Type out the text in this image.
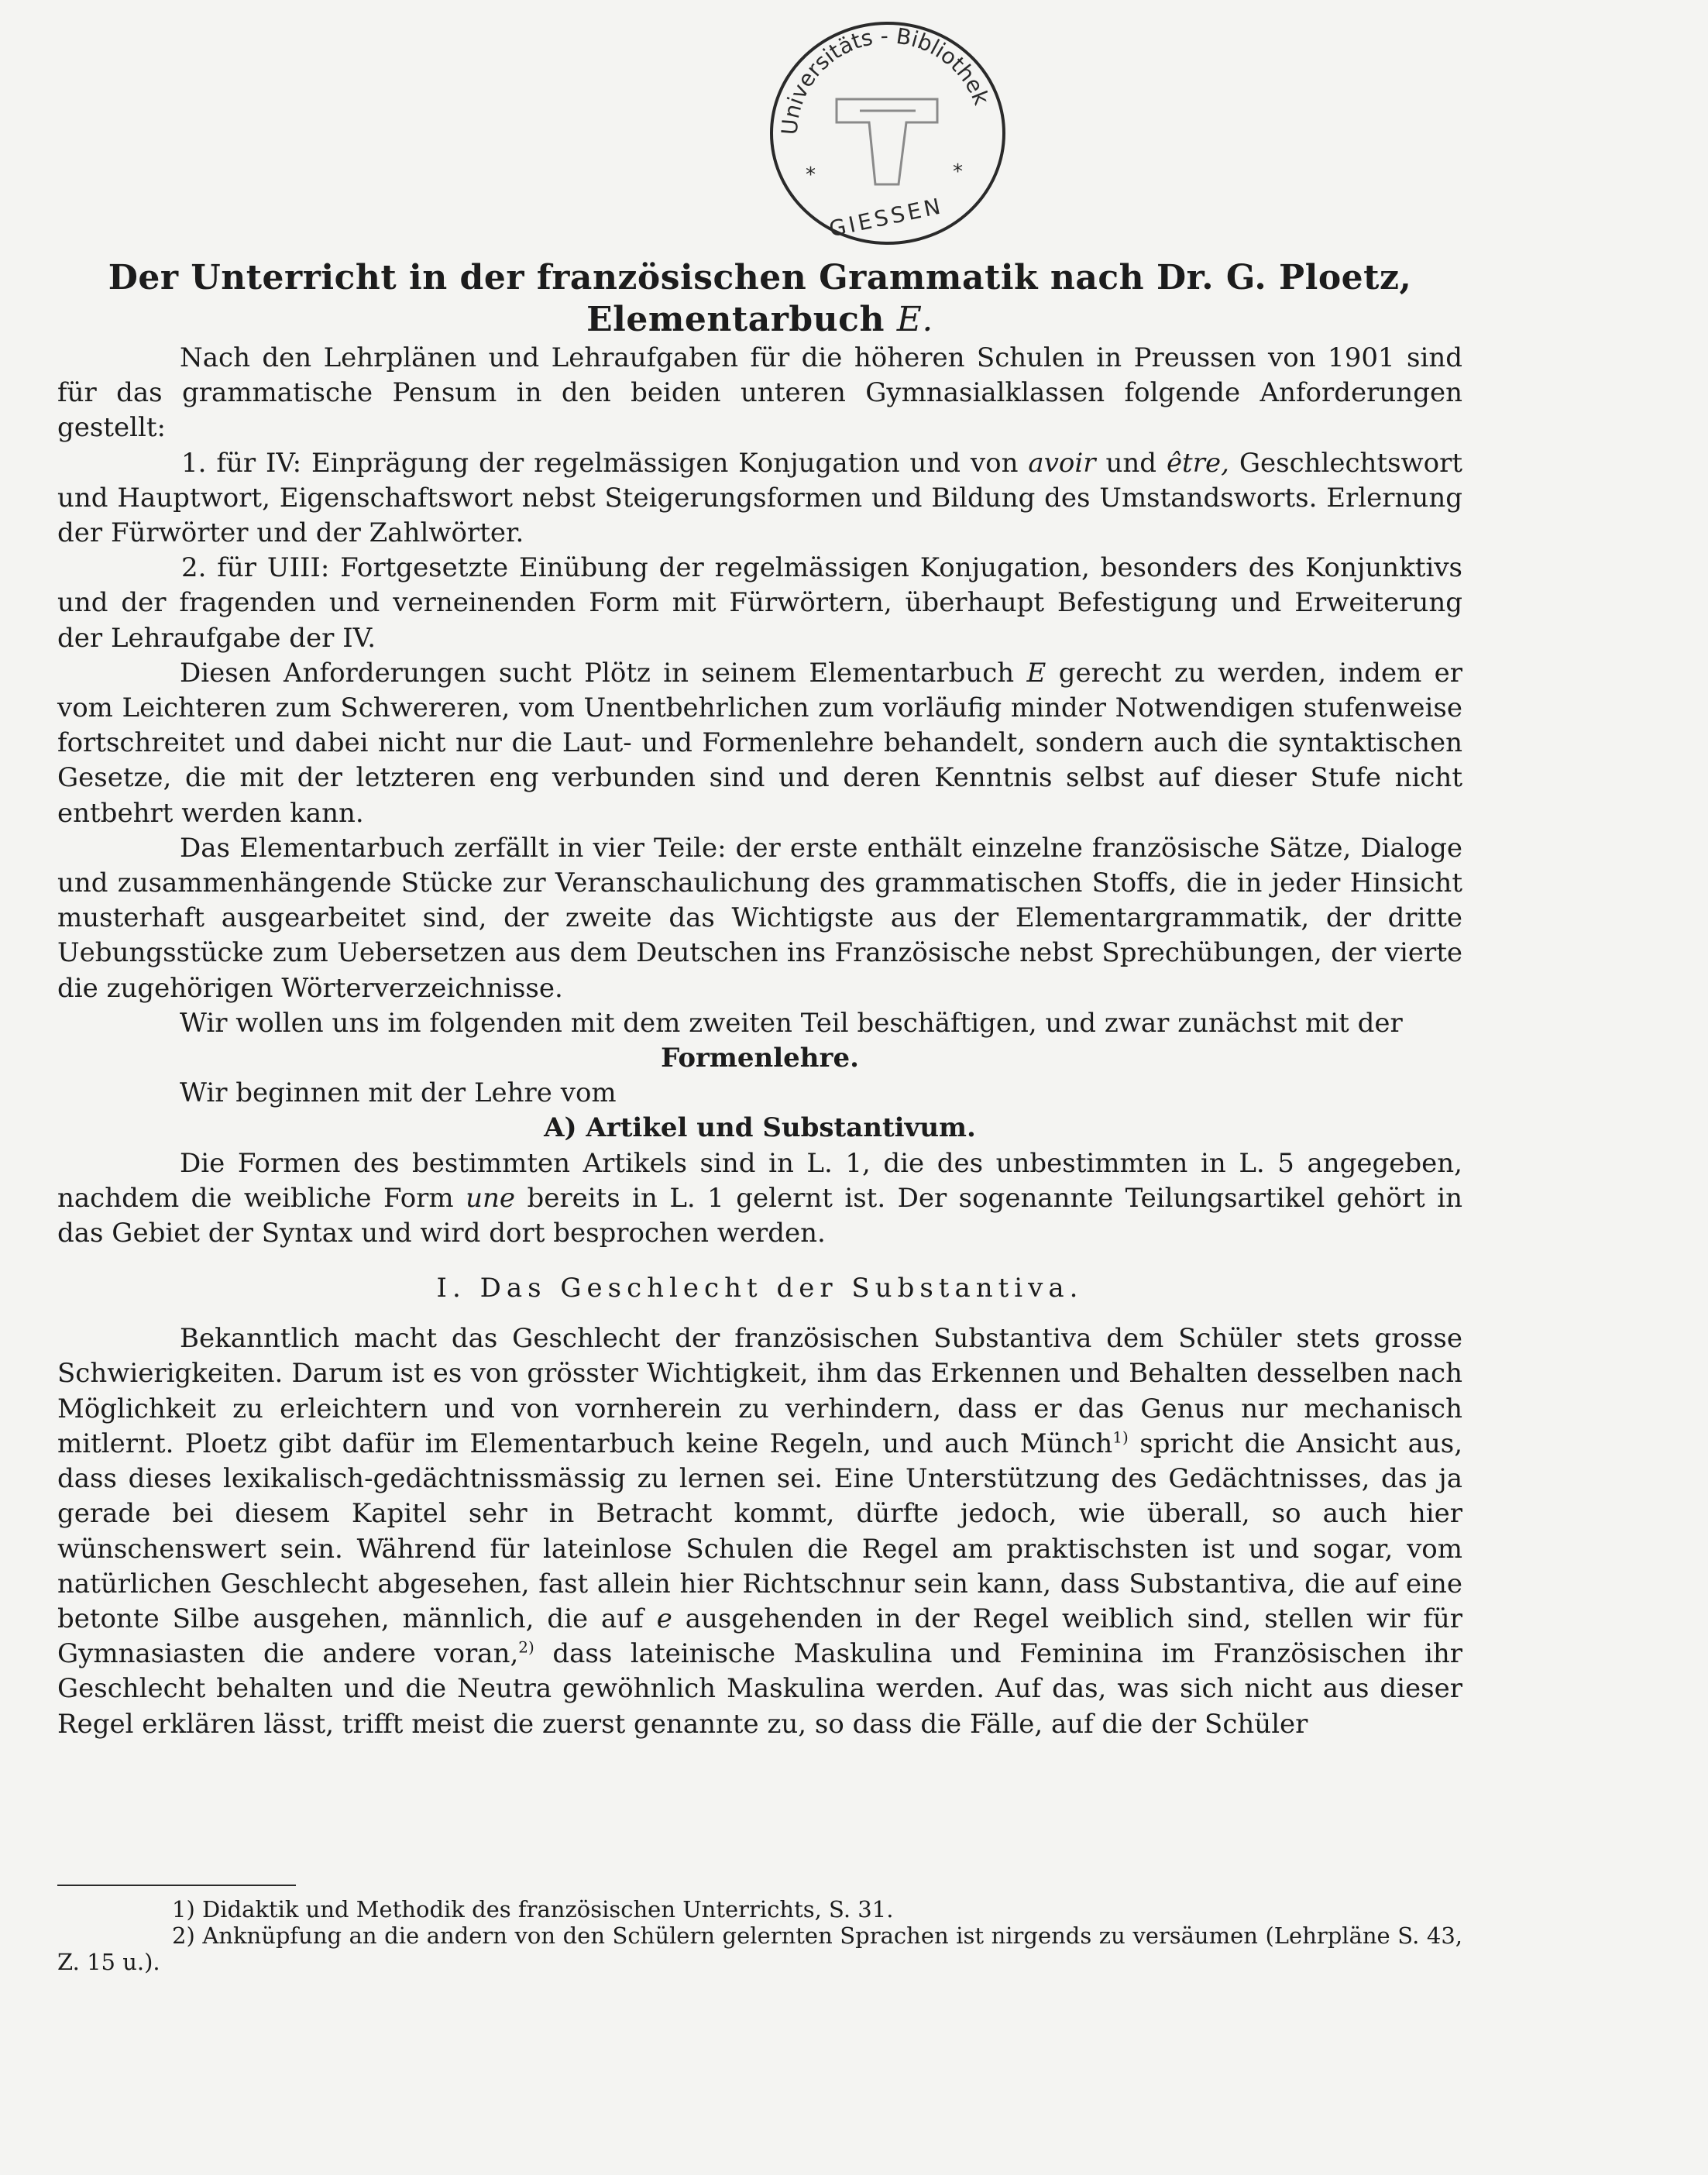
Universitäts - Bibliothek
*	*
GIESSEN

Der Unterricht in der französischen Grammatik nach Dr. G. Ploetz,

Elementarbuch E.

Nach den Lehrplänen und Lehraufgaben für die höheren Schulen in Preussen von 1901 sind für das grammatische Pensum in den beiden unteren Gymnasialklassen folgende Anforderungen gestellt:

1. für IV: Einprägung der regelmässigen Konjugation und von avoir und être, Geschlechtswort und Hauptwort, Eigenschaftswort nebst Steigerungsformen und Bildung des Umstandsworts. Erlernung der Fürwörter und der Zahlwörter.

2. für UIII: Fortgesetzte Einübung der regelmässigen Konjugation, besonders des Konjunktivs und der fragenden und verneinenden Form mit Fürwörtern, überhaupt Befestigung und Erweiterung der Lehraufgabe der IV.

Diesen Anforderungen sucht Plötz in seinem Elementarbuch E gerecht zu werden, indem er vom Leichteren zum Schwereren, vom Unentbehrlichen zum vorläufig minder Notwendigen stufenweise fortschreitet und dabei nicht nur die Laut- und Formenlehre behandelt, sondern auch die syntaktischen Gesetze, die mit der letzteren eng verbunden sind und deren Kenntnis selbst auf dieser Stufe nicht entbehrt werden kann.

Das Elementarbuch zerfällt in vier Teile: der erste enthält einzelne französische Sätze, Dialoge und zusammenhängende Stücke zur Veranschaulichung des grammatischen Stoffs, die in jeder Hinsicht musterhaft ausgearbeitet sind, der zweite das Wichtigste aus der Elementargrammatik, der dritte Uebungsstücke zum Uebersetzen aus dem Deutschen ins Französische nebst Sprechübungen, der vierte die zugehörigen Wörterverzeichnisse.

Wir wollen uns im folgenden mit dem zweiten Teil beschäftigen, und zwar zunächst mit der

Formenlehre.

Wir beginnen mit der Lehre vom

A) Artikel und Substantivum.

Die Formen des bestimmten Artikels sind in L. 1, die des unbestimmten in L. 5 angegeben, nachdem die weibliche Form une bereits in L. 1 gelernt ist. Der sogenannte Teilungsartikel gehört in das Gebiet der Syntax und wird dort besprochen werden.

I. Das Geschlecht der Substantiva.

Bekanntlich macht das Geschlecht der französischen Substantiva dem Schüler stets grosse Schwierigkeiten. Darum ist es von grösster Wichtigkeit, ihm das Erkennen und Behalten desselben nach Möglichkeit zu erleichtern und von vornherein zu verhindern, dass er das Genus nur mechanisch mitlernt. Ploetz gibt dafür im Elementarbuch keine Regeln, und auch Münch$^{1)}$ spricht die Ansicht aus, dass dieses lexikalisch-gedächtnissmässig zu lernen sei. Eine Unterstützung des Gedächtnisses, das ja gerade bei diesem Kapitel sehr in Betracht kommt, dürfte jedoch, wie überall, so auch hier wünschenswert sein. Während für lateinlose Schulen die Regel am praktischsten ist und sogar, vom natürlichen Geschlecht abgesehen, fast allein hier Richtschnur sein kann, dass Substantiva, die auf eine betonte Silbe ausgehen, männlich, die auf e ausgehenden in der Regel weiblich sind, stellen wir für Gymnasiasten die andere voran,$^{2)}$ dass lateinische Maskulina und Feminina im Französischen ihr Geschlecht behalten und die Neutra gewöhnlich Maskulina werden. Auf das, was sich nicht aus dieser Regel erklären lässt, trifft meist die zuerst genannte zu, so dass die Fälle, auf die der Schüler

1) Didaktik und Methodik des französischen Unterrichts, S. 31.

2) Anknüpfung an die andern von den Schülern gelernten Sprachen ist nirgends zu versäumen (Lehrpläne S. 43, Z. 15 u.).
